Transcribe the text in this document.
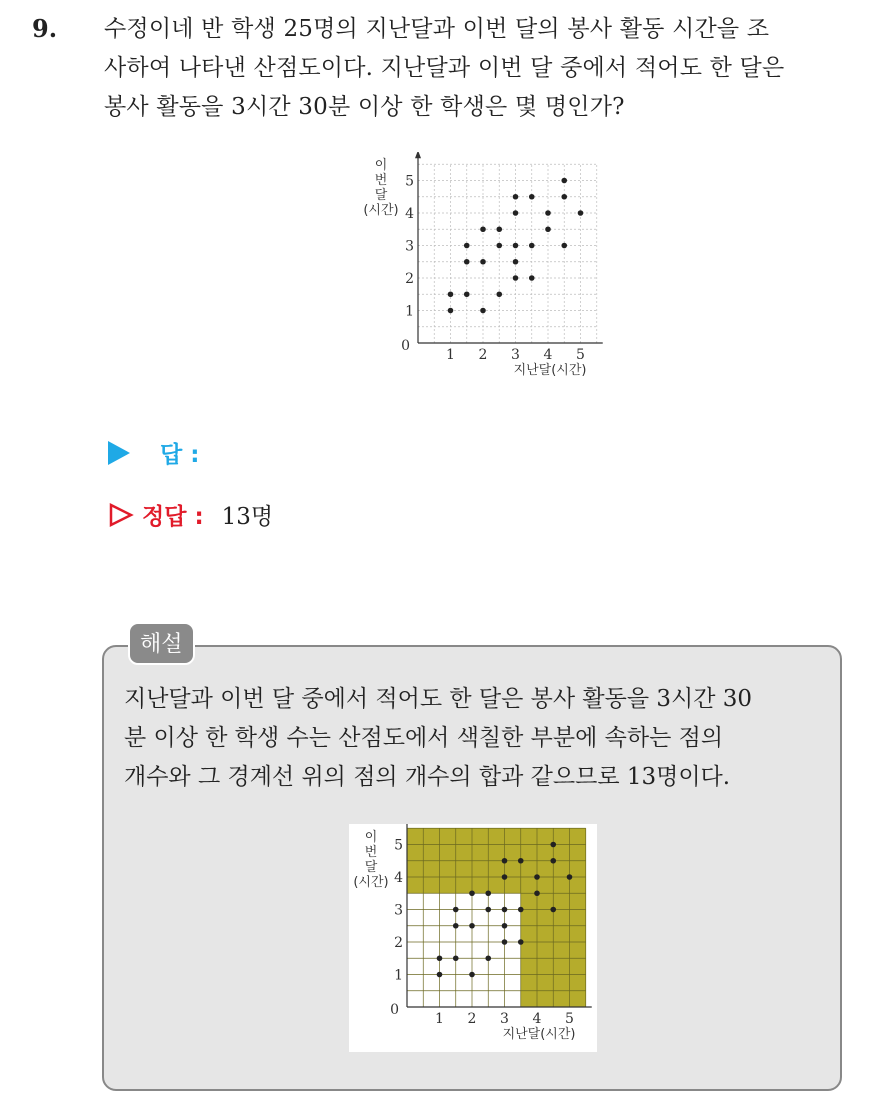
9. 수정이네 반 학생 25명의 지난달과 이번 달의 봉사 활동 시간을 조
사하여 나타낸 산점도이다. 지난달과 이번 달 중에서 적어도 한 달은
봉사 활동을 3시간 30분 이상 한 학생은 몇 명인가?
1 2 3 4 5
1
2
3
4
5
0
지난달(시간)
이
번
달
(시간)
답 :
정답 : 13명
해설
지난달과 이번 달 중에서 적어도 한 달은 봉사 활동을 3시간 30
분 이상 한 학생 수는 산점도에서 색칠한 부분에 속하는 점의
개수와 그 경계선 위의 점의 개수의 합과 같으므로 13명이다.
1 2 3 4 5
1
2
3
4
5
0
지난달(시간)
이
번
달
(시간)
